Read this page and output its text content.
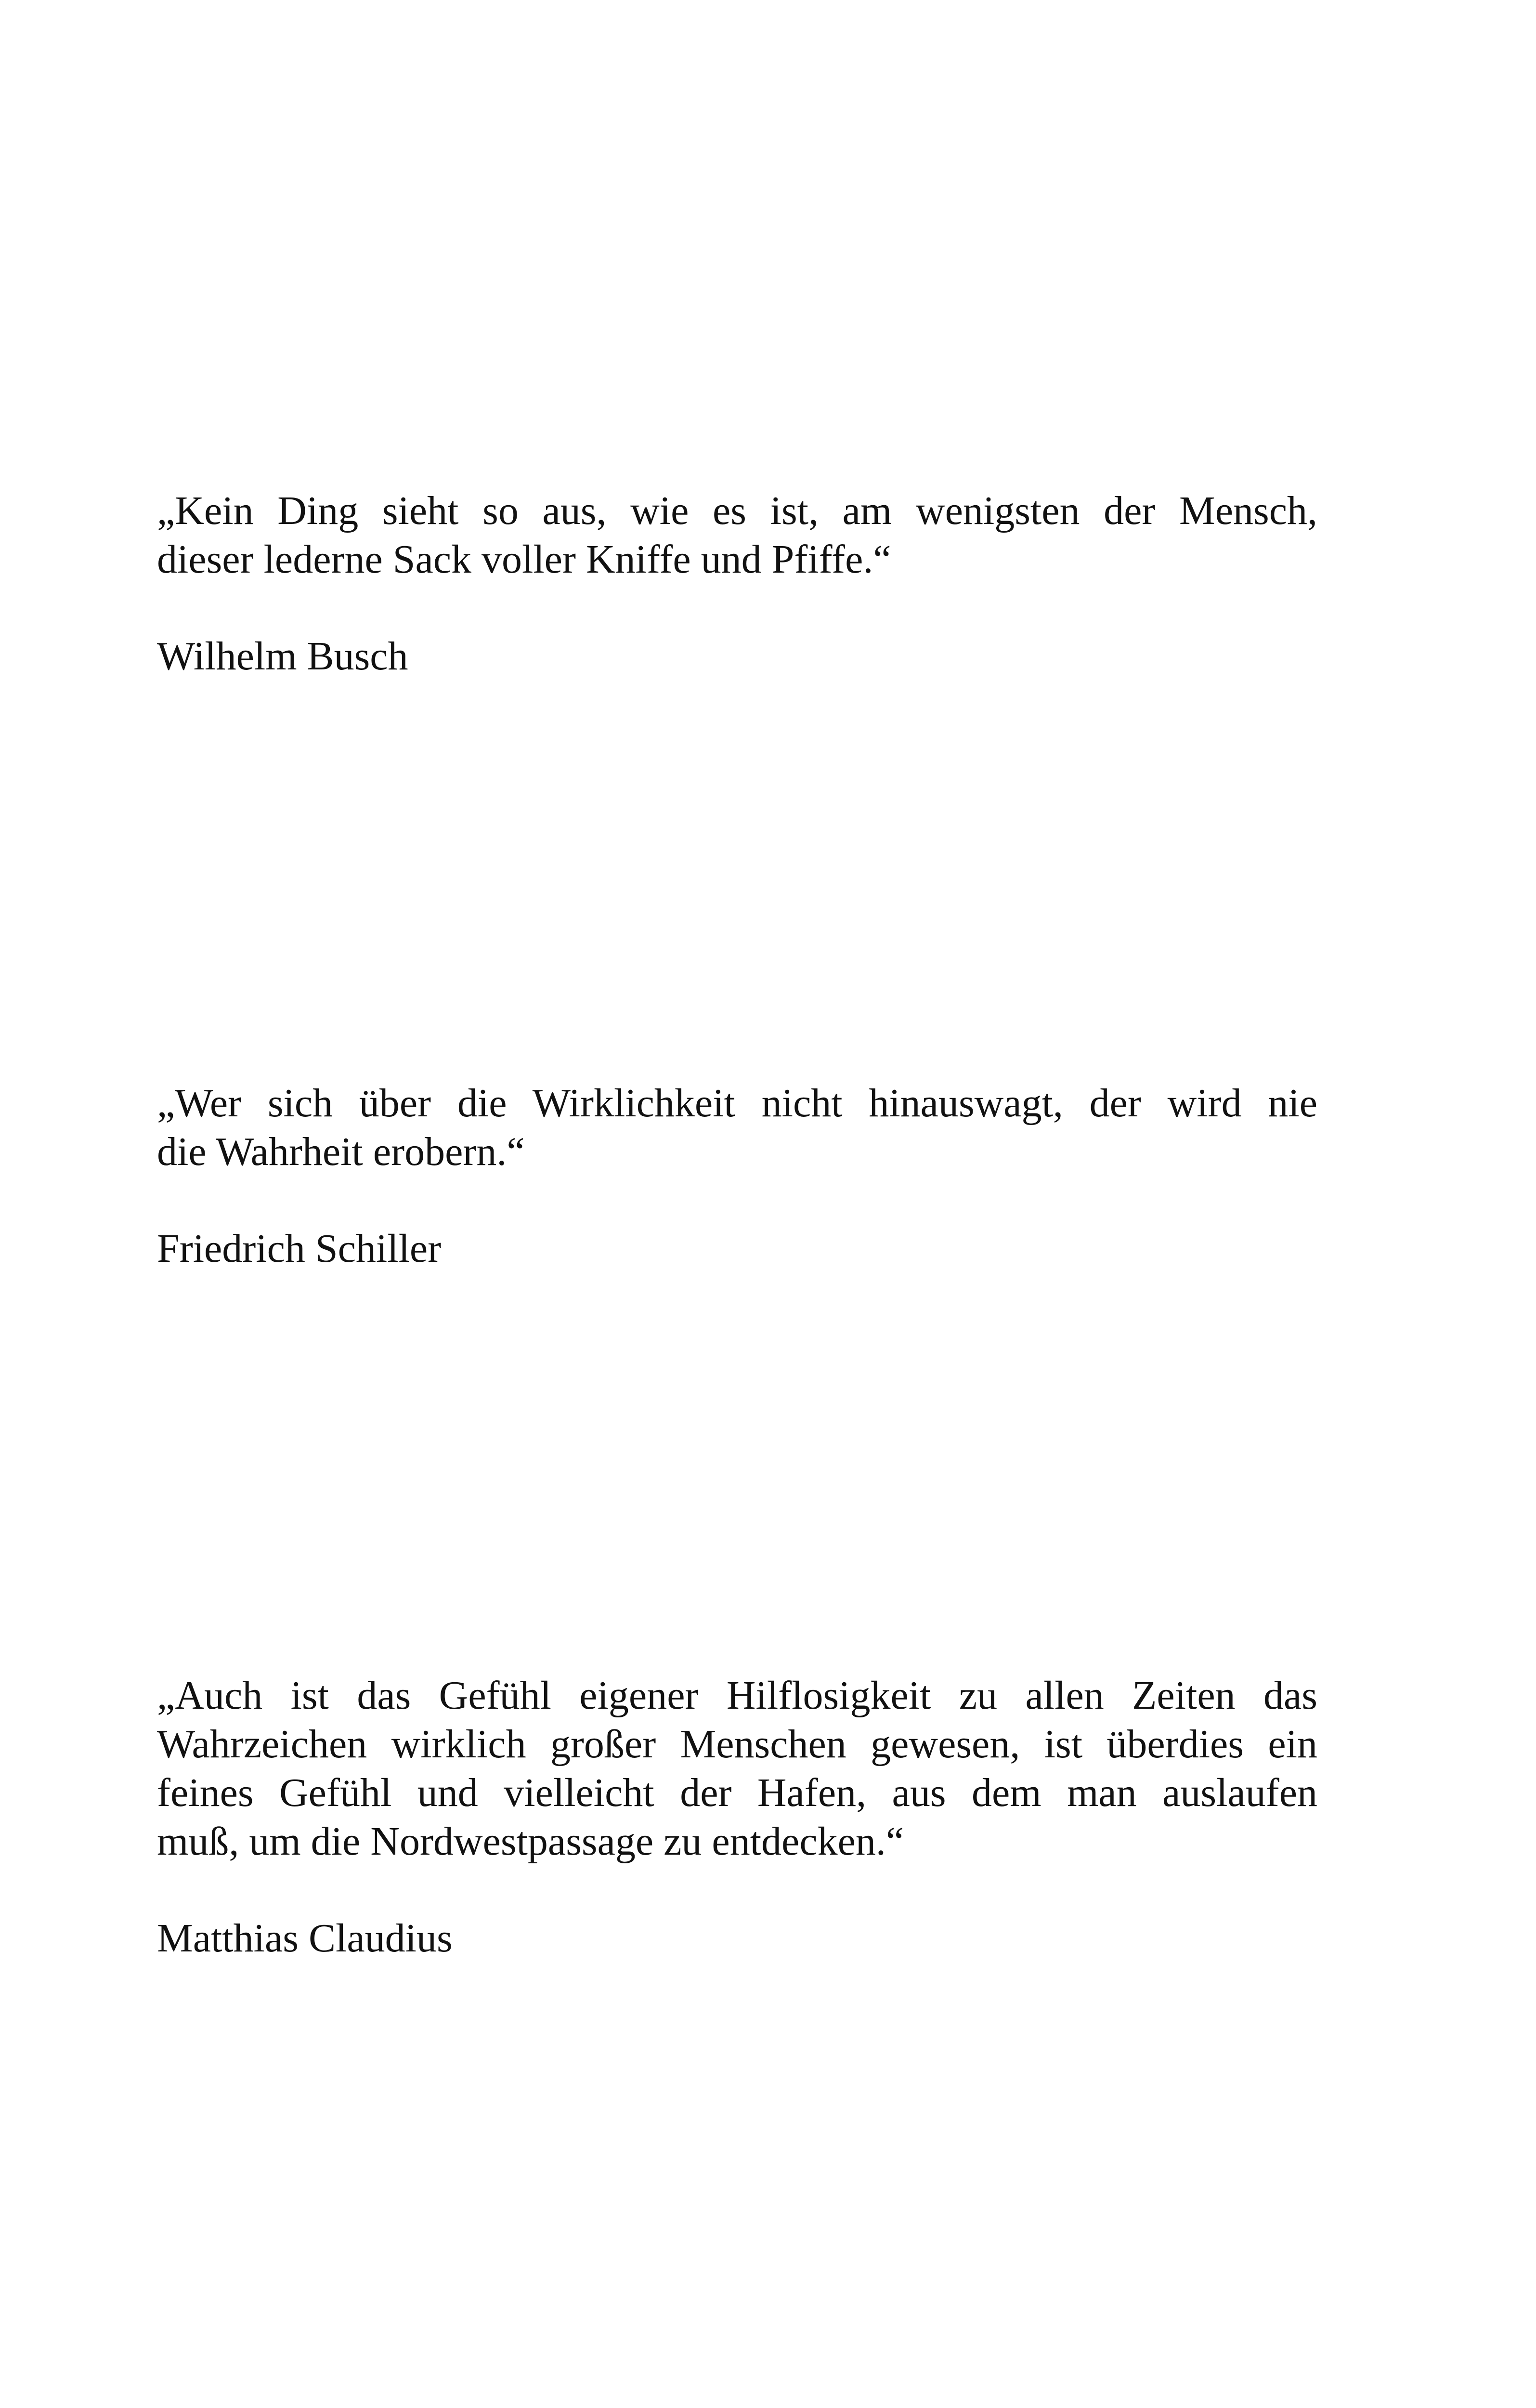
„Kein Ding sieht so aus, wie es ist, am wenigsten der Mensch,
dieser lederne Sack voller Kniffe und Pfiffe.“

Wilhelm Busch

„Wer sich über die Wirklichkeit nicht hinauswagt, der wird nie
die Wahrheit erobern.“

Friedrich Schiller

„Auch ist das Gefühl eigener Hilflosigkeit zu allen Zeiten das
Wahrzeichen wirklich großer Menschen gewesen, ist überdies ein
feines Gefühl und vielleicht der Hafen, aus dem man auslaufen
muß, um die Nordwestpassage zu entdecken.“

Matthias Claudius
